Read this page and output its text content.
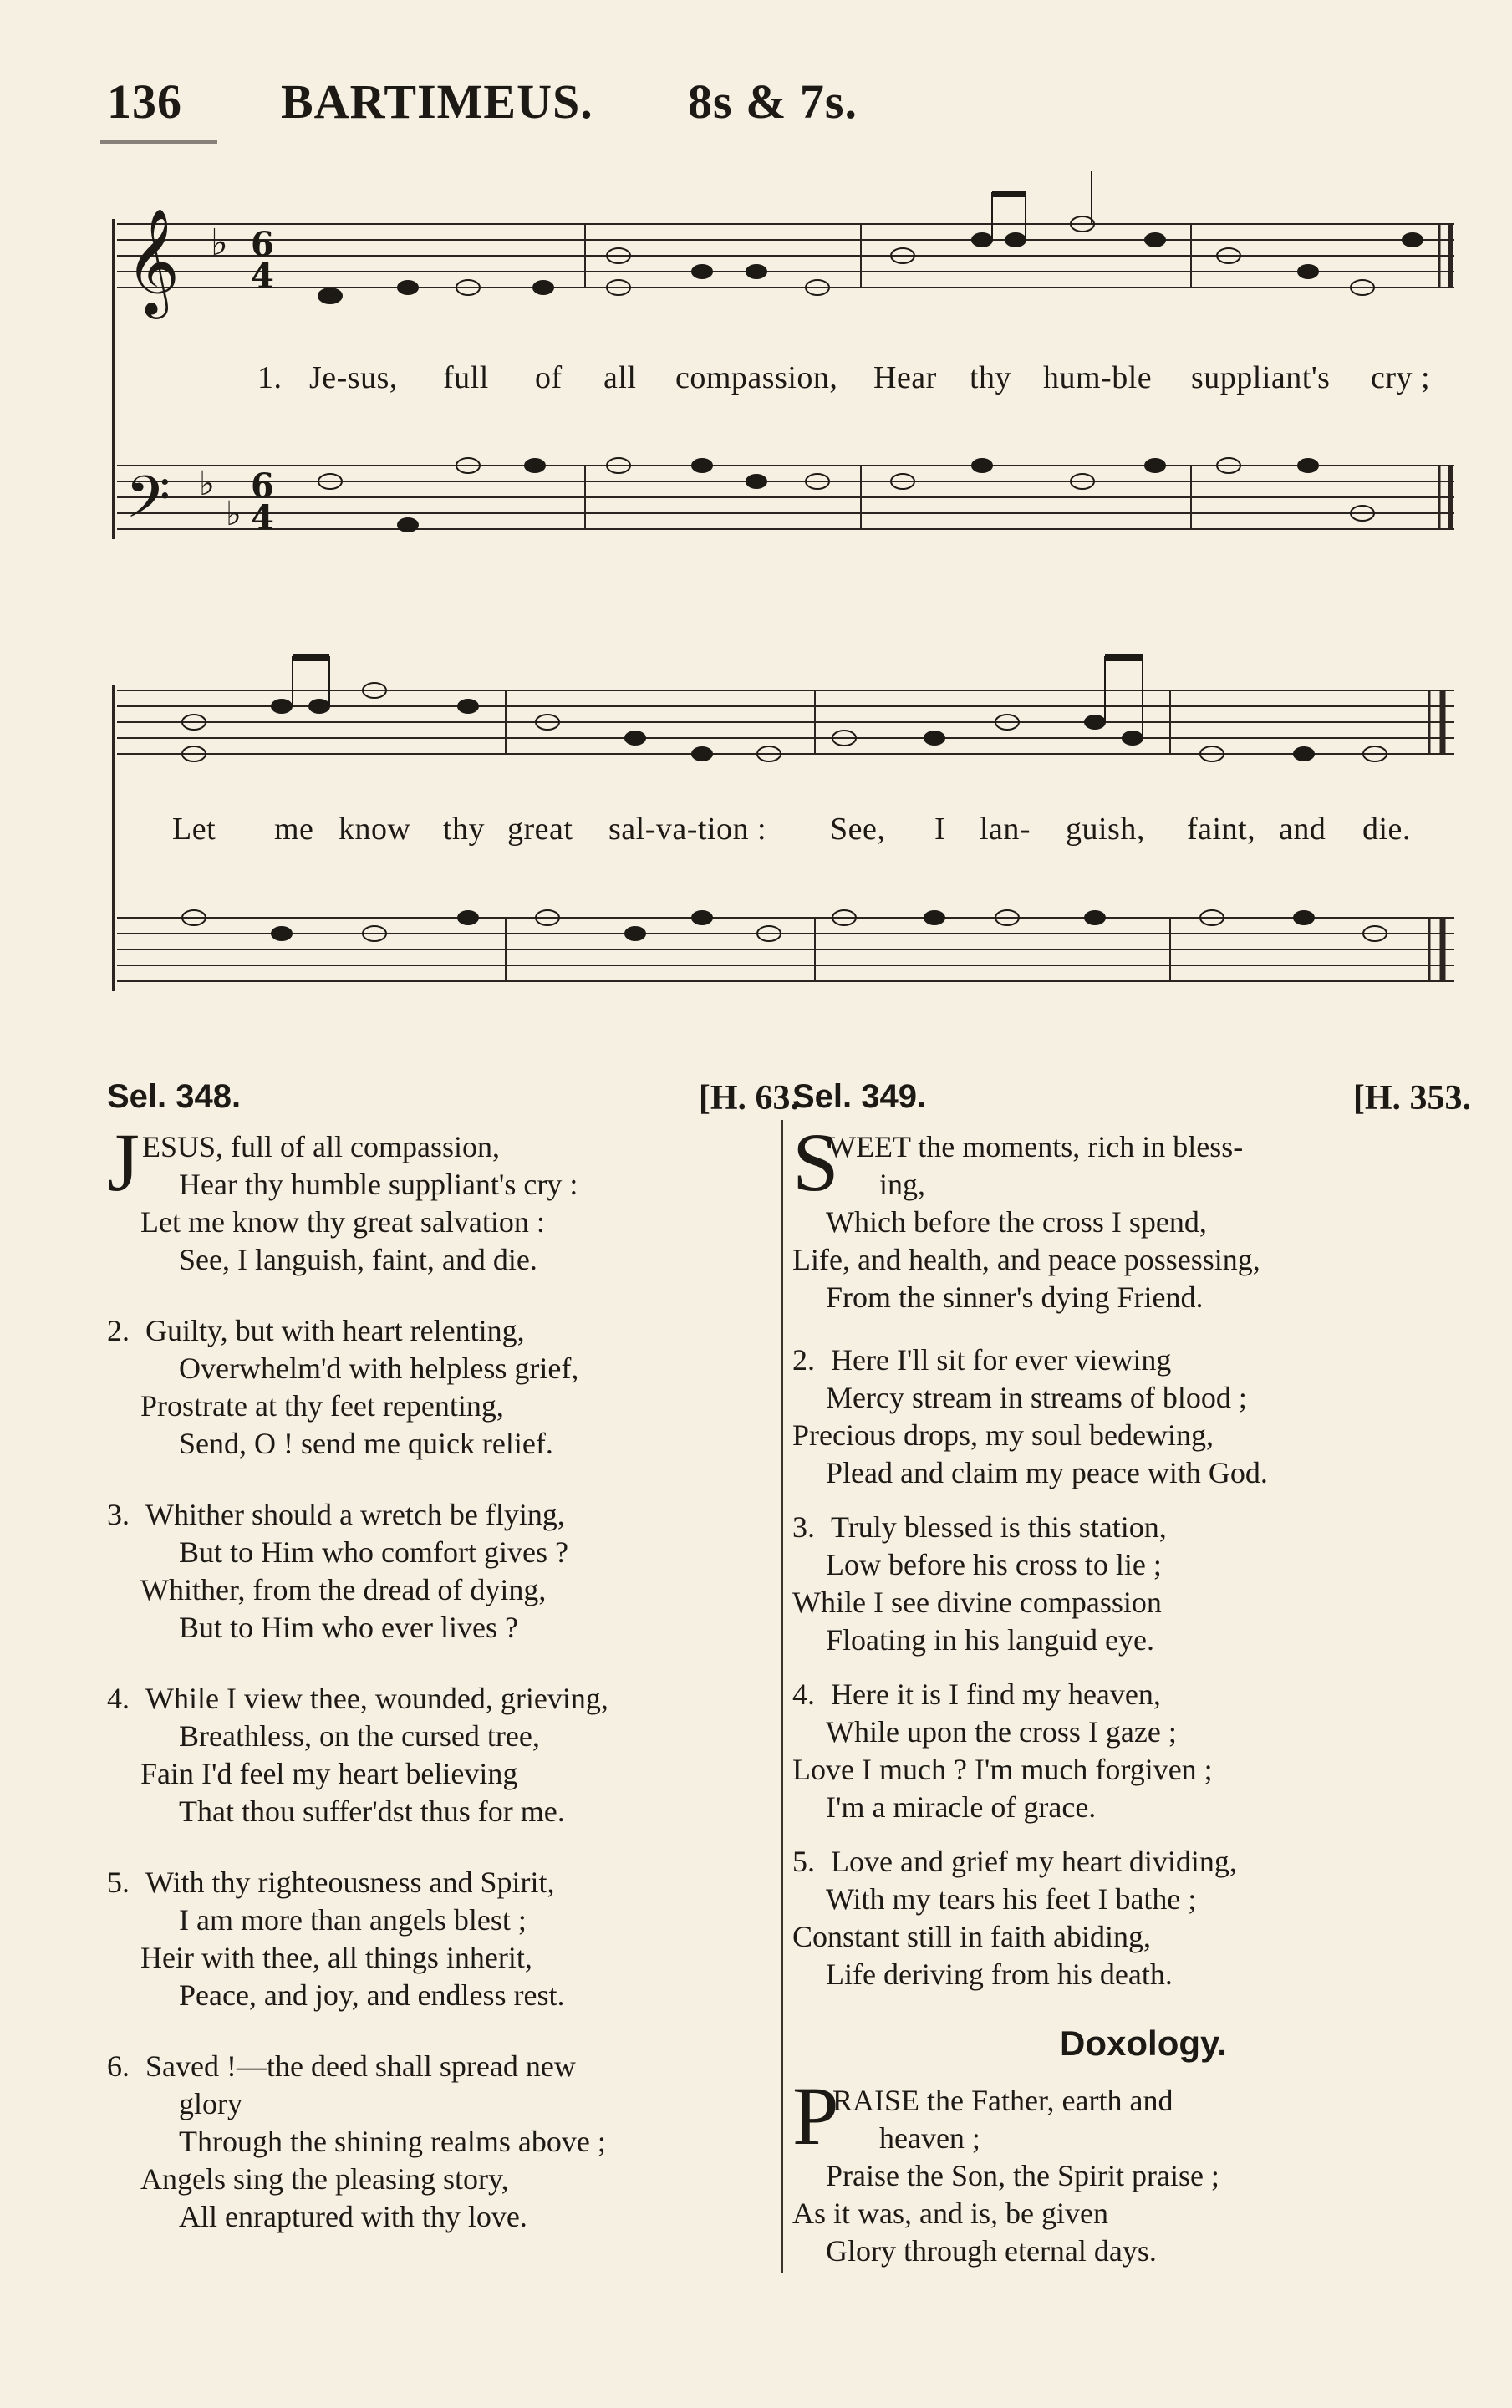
136 BARTIMEUS. 8s & 7s.
𝄞
𝄢
♭
♭
♭
6
4
6
4
1. Je-sus, full of all compassion, Hear thy hum-ble suppliant's cry ;
Let me know thy great sal-va-tion : See, I lan- guish, faint, and die.
Sel. 348.	[H. 63.
J ESUS, full of all compassion,
Hear thy humble suppliant's cry :
Let me know thy great salvation :
See, I languish, faint, and die.
2. Guilty, but with heart relenting,
Overwhelm'd with helpless grief,
Prostrate at thy feet repenting,
Send, O ! send me quick relief.
3. Whither should a wretch be flying,
But to Him who comfort gives ?
Whither, from the dread of dying,
But to Him who ever lives ?
4. While I view thee, wounded, grieving,
Breathless, on the cursed tree,
Fain I'd feel my heart believing
That thou suffer'dst thus for me.
5. With thy righteousness and Spirit,
I am more than angels blest ;
Heir with thee, all things inherit,
Peace, and joy, and endless rest.
6. Saved !—the deed shall spread new
glory
Through the shining realms above ;
Angels sing the pleasing story,
All enraptured with thy love.
Sel. 349.	[H. 353.
S
WEET the moments, rich in bless-
ing,
Which before the cross I spend,
Life, and health, and peace possessing,
From the sinner's dying Friend.
2. Here I'll sit for ever viewing
Mercy stream in streams of blood ;
Precious drops, my soul bedewing,
Plead and claim my peace with God.
3. Truly blessed is this station,
Low before his cross to lie ;
While I see divine compassion
Floating in his languid eye.
4. Here it is I find my heaven,
While upon the cross I gaze ;
Love I much ? I'm much forgiven ;
I'm a miracle of grace.
5. Love and grief my heart dividing,
With my tears his feet I bathe ;
Constant still in faith abiding,
Life deriving from his death.
Doxology.
P
RAISE the Father, earth and
heaven ;
Praise the Son, the Spirit praise ;
As it was, and is, be given
Glory through eternal days.
